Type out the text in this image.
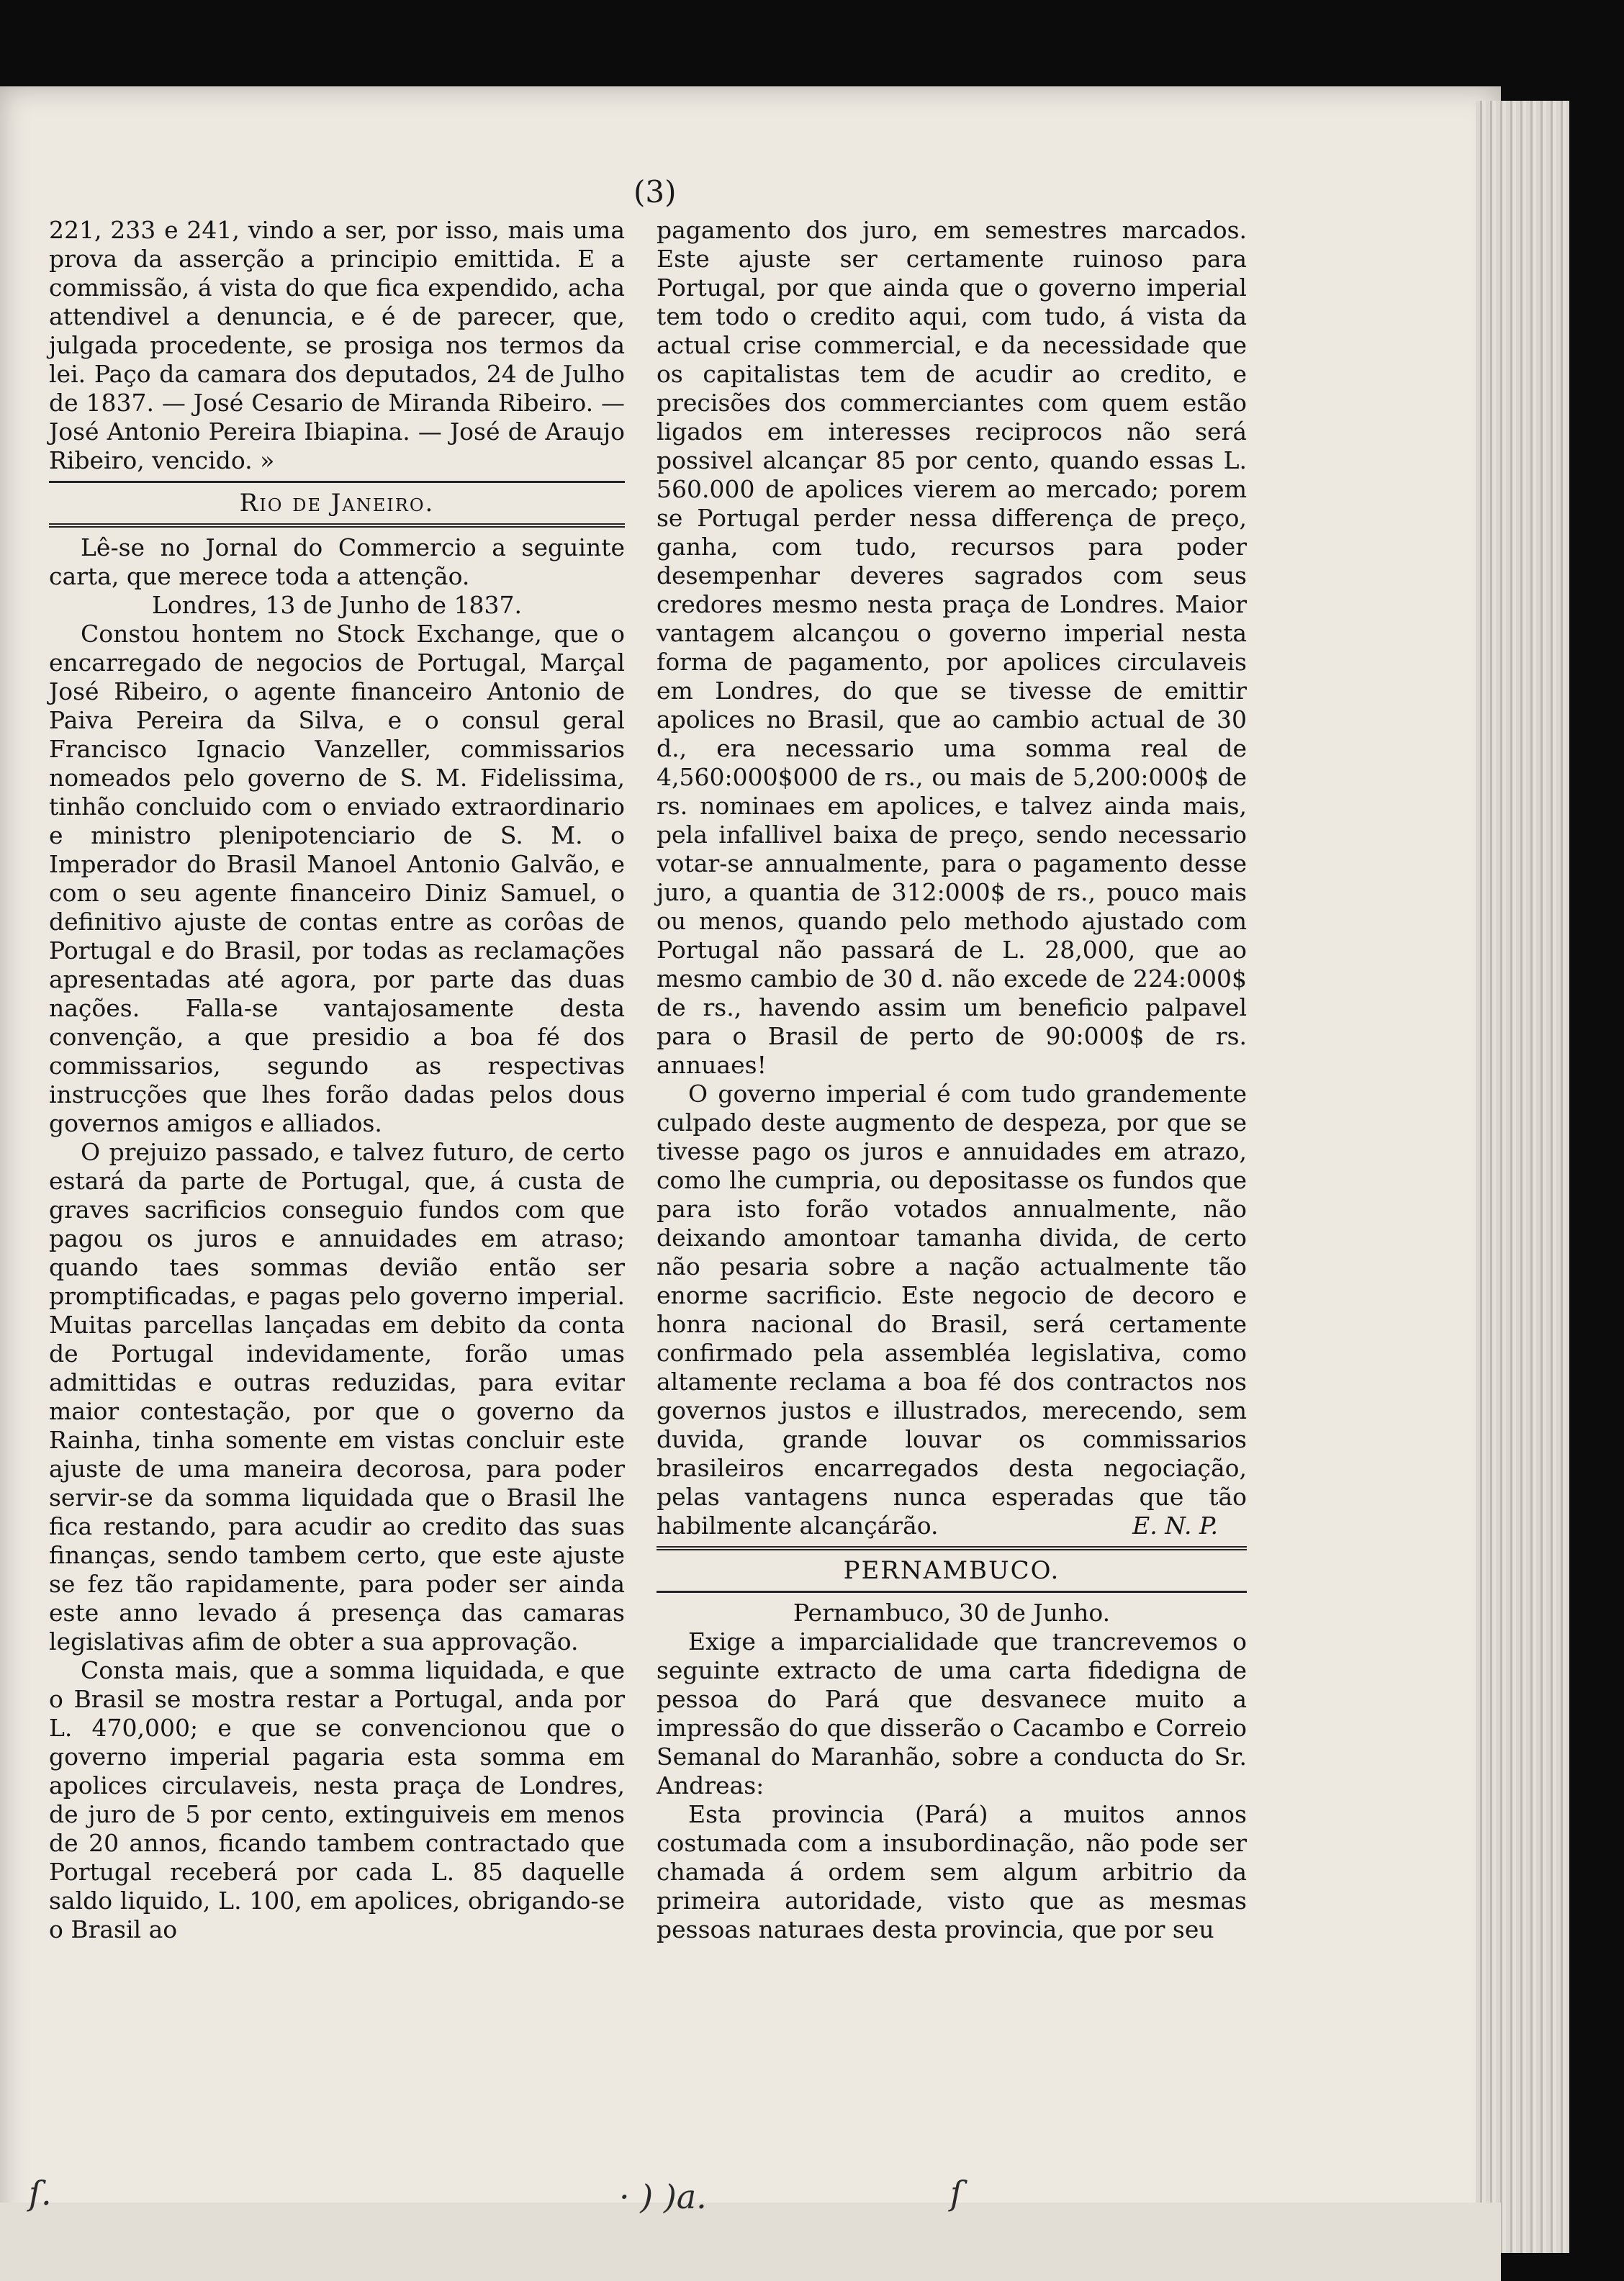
(3)

221, 233 e 241, vindo a ser, por isso, mais uma prova da asserção a principio emittida. E a commissão, á vista do que fica expendido, acha attendivel a denuncia, e é de parecer, que, julgada procedente, se prosiga nos termos da lei. Paço da camara dos deputados, 24 de Julho de 1837. — José Cesario de Miranda Ribeiro. — José Antonio Pereira Ibiapina. — José de Araujo Ribeiro, vencido. »

Rio de Janeiro.

Lê-se no Jornal do Commercio a seguinte carta, que merece toda a attenção.

Londres, 13 de Junho de 1837.

Constou hontem no Stock Exchange, que o encarregado de negocios de Portugal, Marçal José Ribeiro, o agente financeiro Antonio de Paiva Pereira da Silva, e o consul geral Francisco Ignacio Vanzeller, commissarios nomeados pelo governo de S. M. Fidelissima, tinhão concluido com o enviado extraordinario e ministro plenipotenciario de S. M. o Imperador do Brasil Manoel Antonio Galvão, e com o seu agente financeiro Diniz Samuel, o definitivo ajuste de contas entre as corôas de Portugal e do Brasil, por todas as reclamações apresentadas até agora, por parte das duas nações. Falla-se vantajosamente desta convenção, a que presidio a boa fé dos commissarios, segundo as respectivas instrucções que lhes forão dadas pelos dous governos amigos e alliados.

O prejuizo passado, e talvez futuro, de certo estará da parte de Portugal, que, á custa de graves sacrificios conseguio fundos com que pagou os juros e annuidades em atraso; quando taes sommas devião então ser promptificadas, e pagas pelo governo imperial. Muitas parcellas lançadas em debito da conta de Portugal indevidamente, forão umas admittidas e outras reduzidas, para evitar maior contestação, por que o governo da Rainha, tinha somente em vistas concluir este ajuste de uma maneira decorosa, para poder servir-se da somma liquidada que o Brasil lhe fica restando, para acudir ao credito das suas finanças, sendo tambem certo, que este ajuste se fez tão rapidamente, para poder ser ainda este anno levado á presença das camaras legislativas afim de obter a sua approvação.

Consta mais, que a somma liquidada, e que o Brasil se mostra restar a Portugal, anda por L. 470,000; e que se convencionou que o governo imperial pagaria esta somma em apolices circulaveis, nesta praça de Londres, de juro de 5 por cento, extinguiveis em menos de 20 annos, ficando tambem contractado que Portugal receberá por cada L. 85 daquelle saldo liquido, L. 100, em apolices, obrigando-se o Brasil ao

pagamento dos juro, em semestres marcados. Este ajuste ser certamente ruinoso para Portugal, por que ainda que o governo imperial tem todo o credito aqui, com tudo, á vista da actual crise commercial, e da necessidade que os capitalistas tem de acudir ao credito, e precisões dos commerciantes com quem estão ligados em interesses reciprocos não será possivel alcançar 85 por cento, quando essas L. 560.000 de apolices vierem ao mercado; porem se Portugal perder nessa differença de preço, ganha, com tudo, recursos para poder desempenhar deveres sagrados com seus credores mesmo nesta praça de Londres. Maior vantagem alcançou o governo imperial nesta forma de pagamento, por apolices circulaveis em Londres, do que se tivesse de emittir apolices no Brasil, que ao cambio actual de 30 d., era necessario uma somma real de 4,560:000$000 de rs., ou mais de 5,200:000$ de rs. nominaes em apolices, e talvez ainda mais, pela infallivel baixa de preço, sendo necessario votar-se annualmente, para o pagamento desse juro, a quantia de 312:000$ de rs., pouco mais ou menos, quando pelo methodo ajustado com Portugal não passará de L. 28,000, que ao mesmo cambio de 30 d. não excede de 224:000$ de rs., havendo assim um beneficio palpavel para o Brasil de perto de 90:000$ de rs. annuaes!

O governo imperial é com tudo grandemente culpado deste augmento de despeza, por que se tivesse pago os juros e annuidades em atrazo, como lhe cumpria, ou depositasse os fundos que para isto forão votados annualmente, não deixando amontoar tamanha divida, de certo não pesaria sobre a nação actualmente tão enorme sacrificio. Este negocio de decoro e honra nacional do Brasil, será certamente confirmado pela assembléa legislativa, como altamente reclama a boa fé dos contractos nos governos justos e illustrados, merecendo, sem duvida, grande louvar os commissarios brasileiros encarregados desta negociação, pelas vantagens nunca esperadas que tão habilmente alcançárão.	E. N. P.
PERNAMBUCO.

Pernambuco, 30 de Junho.

Exige a imparcialidade que trancrevemos o seguinte extracto de uma carta fidedigna de pessoa do Pará que desvanece muito a impressão do que disserão o Cacambo e Correio Semanal do Maranhão, sobre a conducta do Sr. Andreas:

Esta provincia (Pará) a muitos annos costumada com a insubordinação, não pode ser chamada á ordem sem algum arbitrio da primeira autoridade, visto que as mesmas pessoas naturaes desta provincia, que por seu

ſ.	· ) )a.	ſ
